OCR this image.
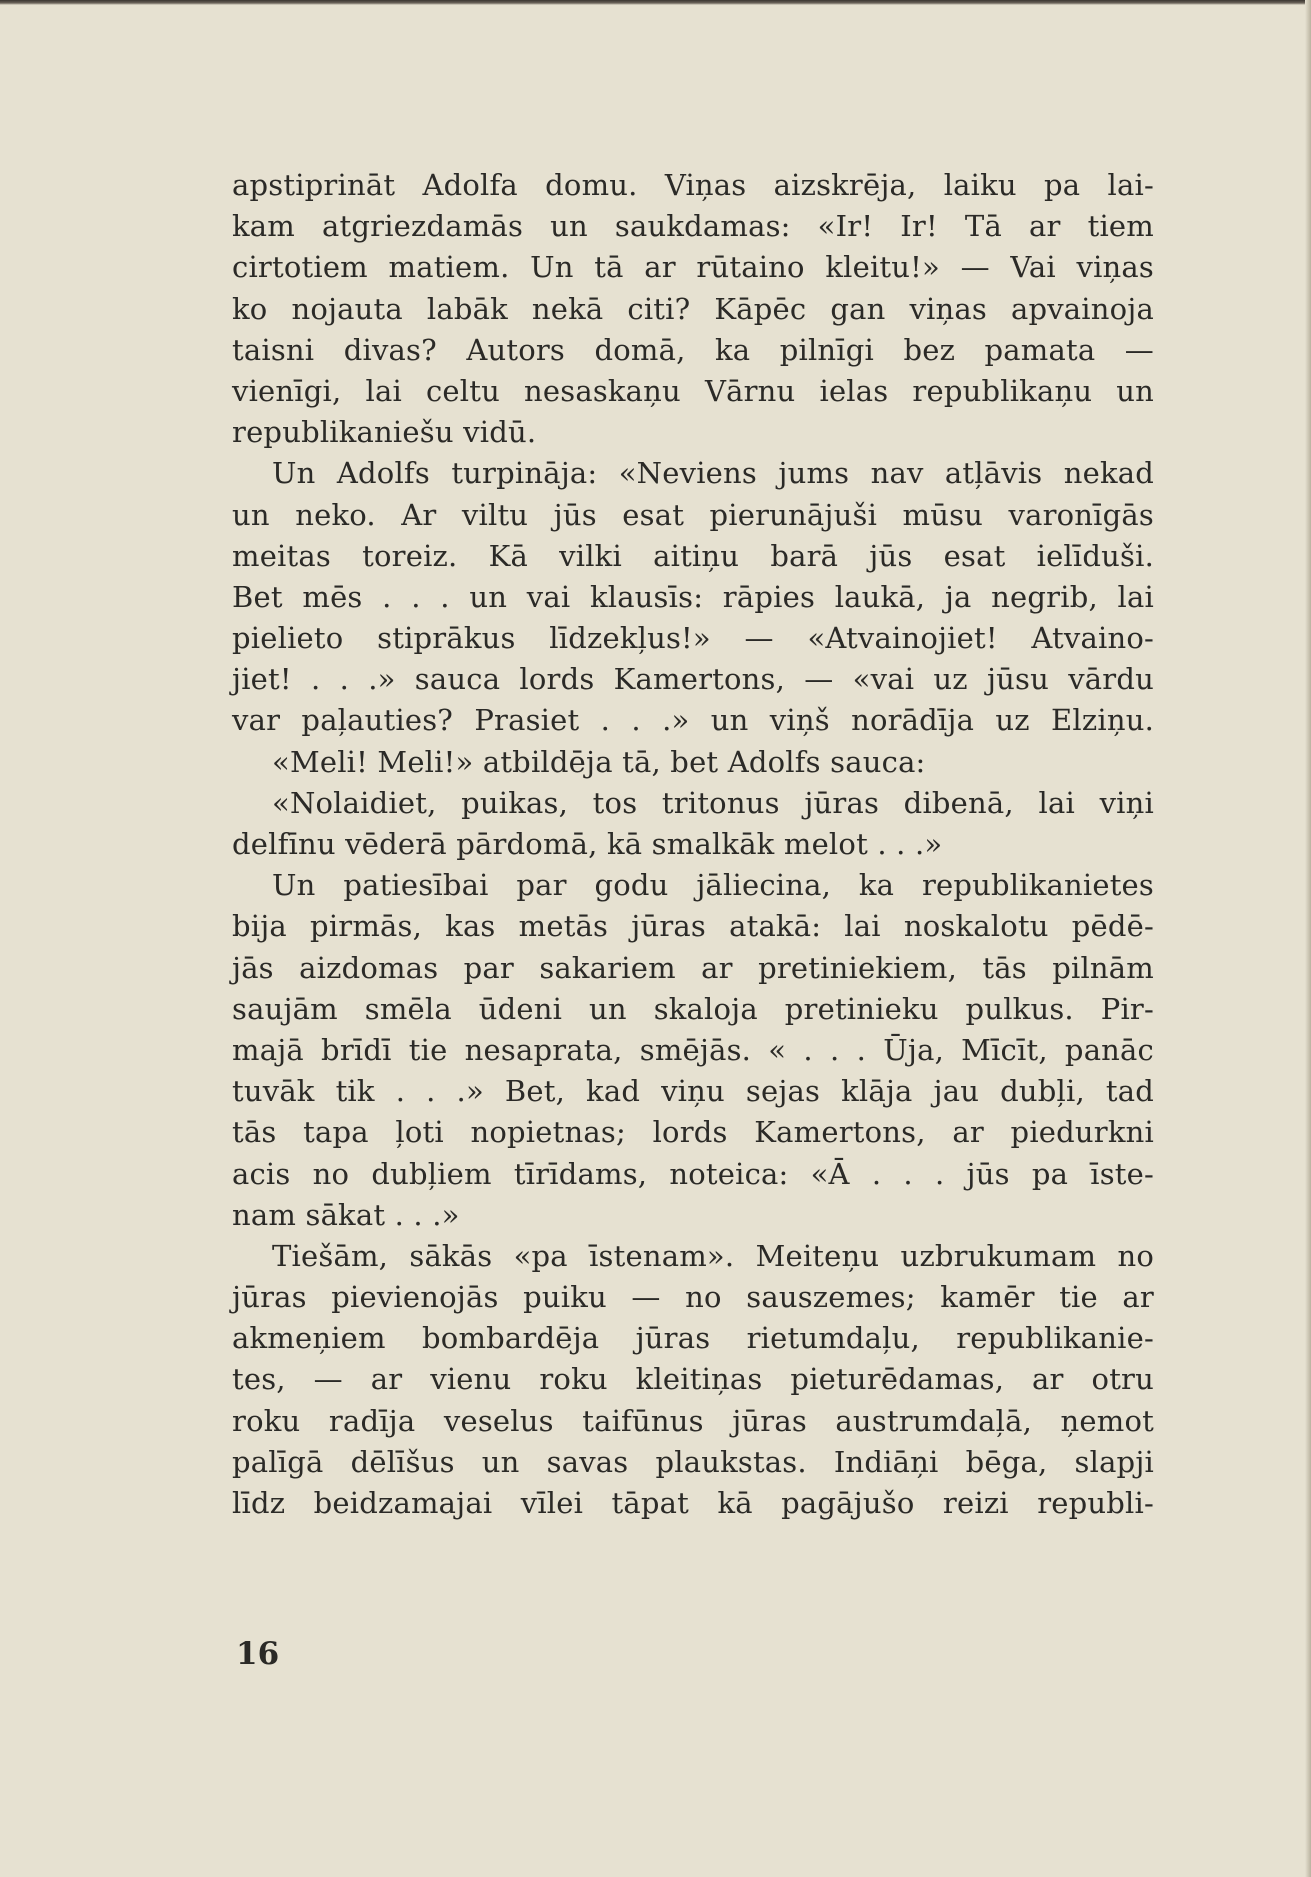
apstiprināt Adolfa domu. Viņas aizskrēja, laiku pa lai-
kam atgriezdamās un saukdamas: «Ir! Ir! Tā ar tiem
cirtotiem matiem. Un tā ar rūtaino kleitu!» — Vai viņas
ko nojauta labāk nekā citi? Kāpēc gan viņas apvainoja
taisni divas? Autors domā, ka pilnīgi bez pamata —
vienīgi, lai celtu nesaskaņu Vārnu ielas republikaņu un
republikaniešu vidū.
Un Adolfs turpināja: «Neviens jums nav atļāvis nekad
un neko. Ar viltu jūs esat pierunājuši mūsu varonīgās
meitas toreiz. Kā vilki aitiņu barā jūs esat ielīduši.
Bet mēs . . . un vai klausīs: rāpies laukā, ja negrib, lai
pielieto stiprākus līdzekļus!» — «Atvainojiet! Atvaino-
jiet! . . .» sauca lords Kamertons, — «vai uz jūsu vārdu
var paļauties? Prasiet . . .» un viņš norādīja uz Elziņu.
«Meli! Meli!» atbildēja tā, bet Adolfs sauca:
«Nolaidiet, puikas, tos tritonus jūras dibenā, lai viņi
delfīnu vēderā pārdomā, kā smalkāk melot . . .»
Un patiesībai par godu jāliecina, ka republikanietes
bija pirmās, kas metās jūras atakā: lai noskalotu pēdē-
jās aizdomas par sakariem ar pretiniekiem, tās pilnām
saujām smēla ūdeni un skaloja pretinieku pulkus. Pir-
majā brīdī tie nesaprata, smējās. « . . . Ūja, Mīcīt, panāc
tuvāk tik . . .» Bet, kad viņu sejas klāja jau dubļi, tad
tās tapa ļoti nopietnas; lords Kamertons, ar piedurkni
acis no dubļiem tīrīdams, noteica: «Ā . . . jūs pa īste-
nam sākat . . .»
Tiešām, sākās «pa īstenam». Meiteņu uzbrukumam no
jūras pievienojās puiku — no sauszemes; kamēr tie ar
akmeņiem bombardēja jūras rietumdaļu, republikanie-
tes, — ar vienu roku kleitiņas pieturēdamas, ar otru
roku radīja veselus taifūnus jūras austrumdaļā, ņemot
palīgā dēlīšus un savas plaukstas. Indiāņi bēga, slapji
līdz beidzamajai vīlei tāpat kā pagājušo reizi republi-
16
